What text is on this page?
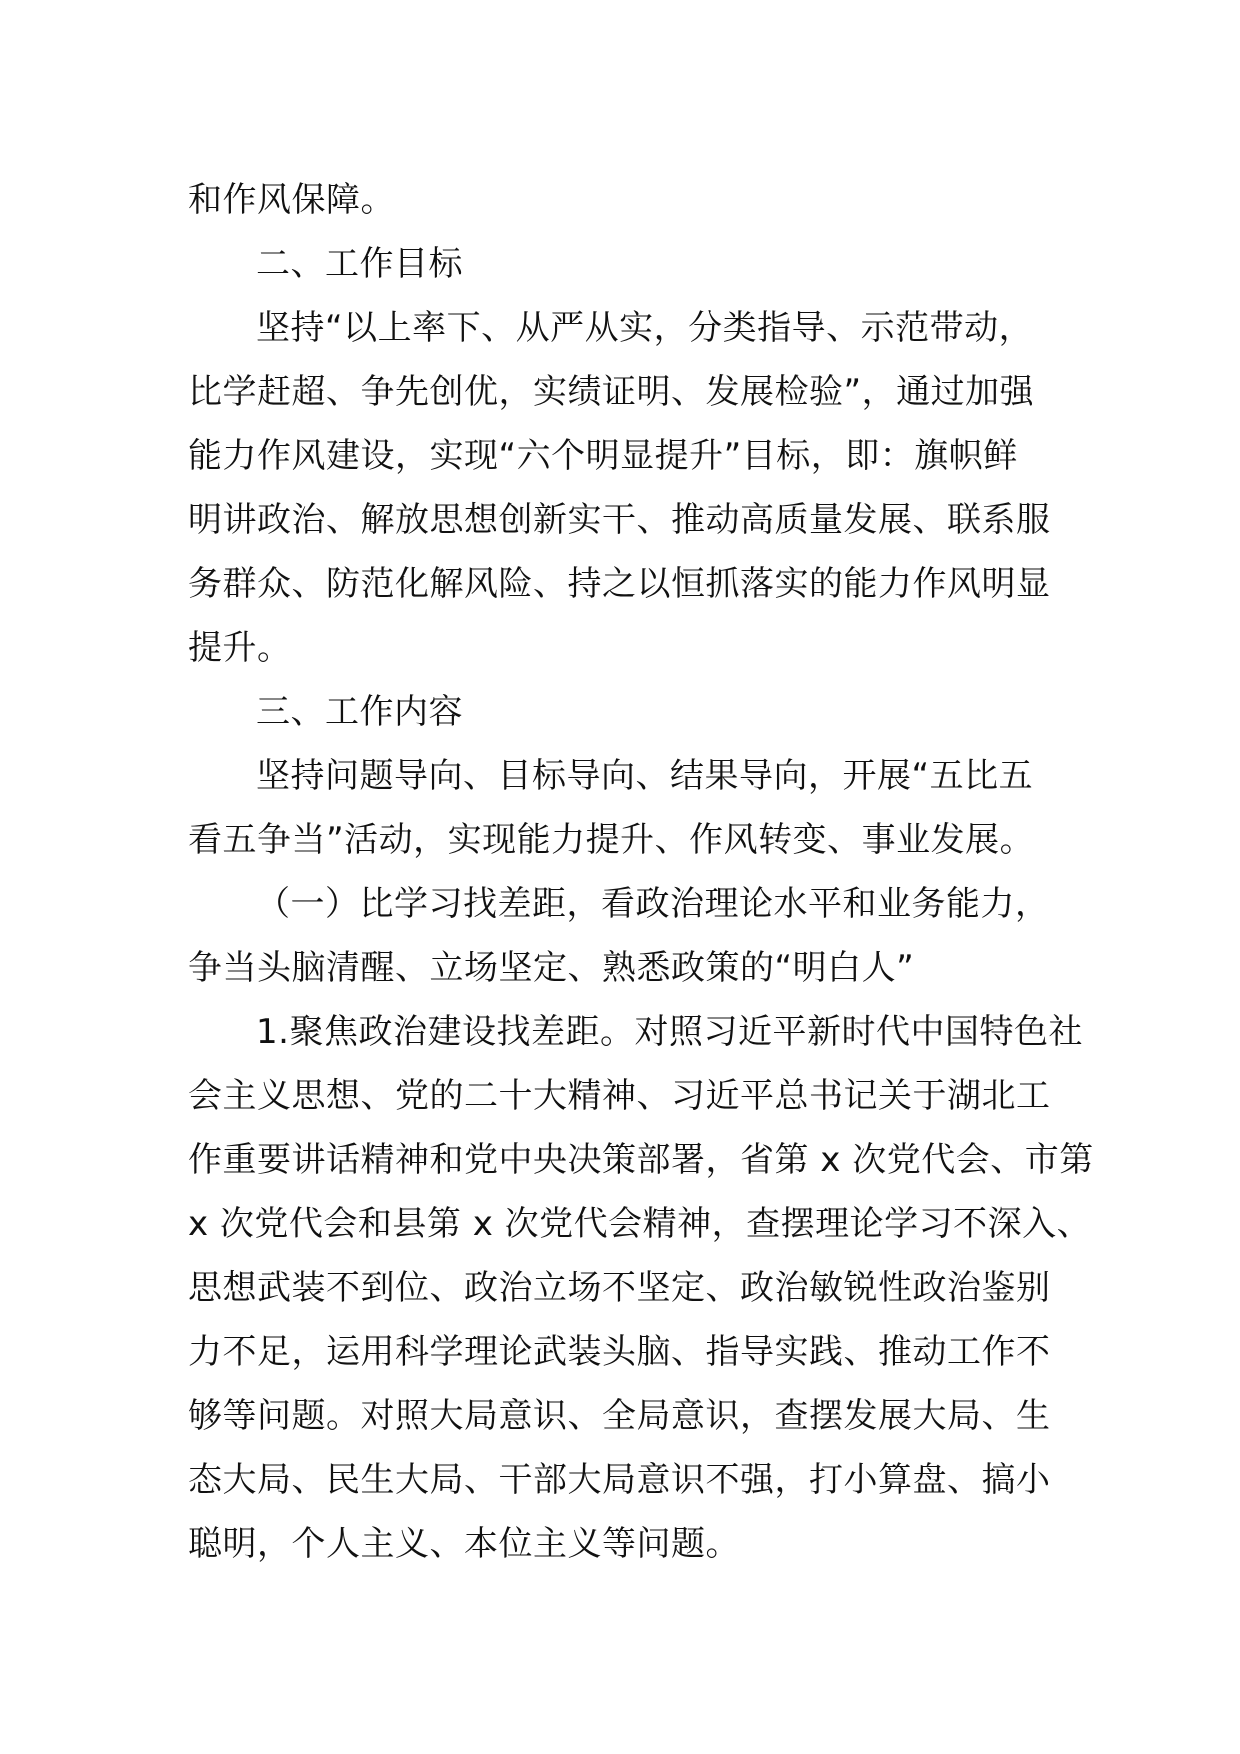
和作风保障。
二、工作目标
坚持“以上率下、从严从实，分类指导、示范带动，
比学赶超、争先创优，实绩证明、发展检验”，通过加强
能力作风建设，实现“六个明显提升”目标，即：旗帜鲜
明讲政治、解放思想创新实干、推动高质量发展、联系服
务群众、防范化解风险、持之以恒抓落实的能力作风明显
提升。
三、工作内容
坚持问题导向、目标导向、结果导向，开展“五比五
看五争当”活动，实现能力提升、作风转变、事业发展。
（一）比学习找差距，看政治理论水平和业务能力，
争当头脑清醒、立场坚定、熟悉政策的“明白人”
1.聚焦政治建设找差距。对照习近平新时代中国特色社
会主义思想、党的二十大精神、习近平总书记关于湖北工
作重要讲话精神和党中央决策部署，省第 x 次党代会、市第
x 次党代会和县第 x 次党代会精神，查摆理论学习不深入、
思想武装不到位、政治立场不坚定、政治敏锐性政治鉴别
力不足，运用科学理论武装头脑、指导实践、推动工作不
够等问题。对照大局意识、全局意识，查摆发展大局、生
态大局、民生大局、干部大局意识不强，打小算盘、搞小
聪明，个人主义、本位主义等问题。
